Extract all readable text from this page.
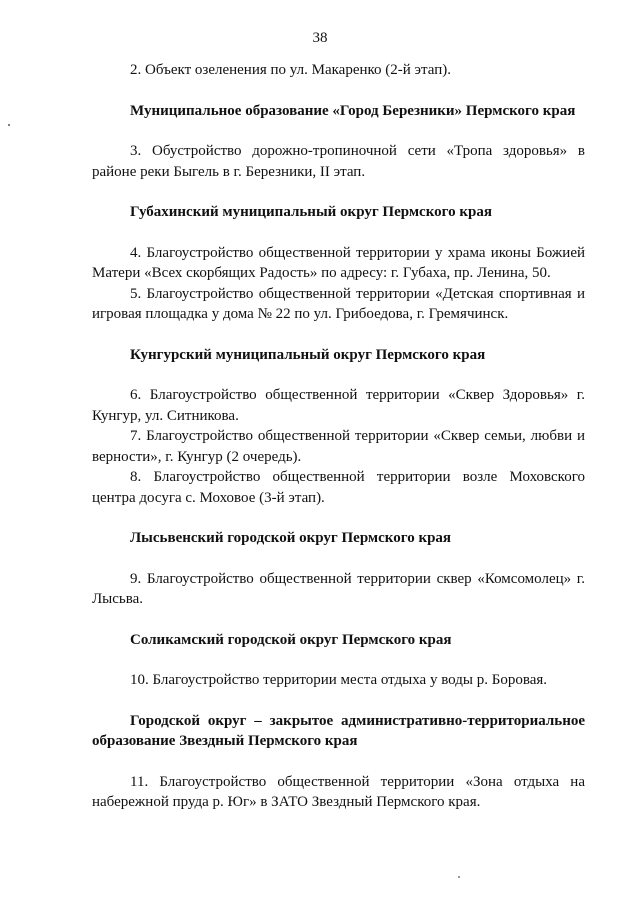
38

2. Объект озеленения по ул. Макаренко (2-й этап).

Муниципальное образование «Город Березники» Пермского края

3. Обустройство дорожно-тропиночной сети «Тропа здоровья» в районе реки Быгель в г. Березники, II этап.

Губахинский муниципальный округ Пермского края

4. Благоустройство общественной территории у храма иконы Божией Матери «Всех скорбящих Радость» по адресу: г. Губаха, пр. Ленина, 50.

5. Благоустройство общественной территории «Детская спортивная и игровая площадка у дома № 22 по ул. Грибоедова, г. Гремячинск.

Кунгурский муниципальный округ Пермского края

6. Благоустройство общественной территории «Сквер Здоровья» г. Кунгур, ул. Ситникова.

7. Благоустройство общественной территории «Сквер семьи, любви и верности», г. Кунгур (2 очередь).

8. Благоустройство общественной территории возле Моховского центра досуга с. Моховое (3-й этап).

Лысьвенский городской округ Пермского края

9. Благоустройство общественной территории сквер «Комсомолец» г. Лысьва.

Соликамский городской округ Пермского края

10. Благоустройство территории места отдыха у воды р. Боровая.

Городской округ – закрытое административно-территориальное образование Звездный Пермского края

11. Благоустройство общественной территории «Зона отдыха на набережной пруда р. Юг» в ЗАТО Звездный Пермского края.
